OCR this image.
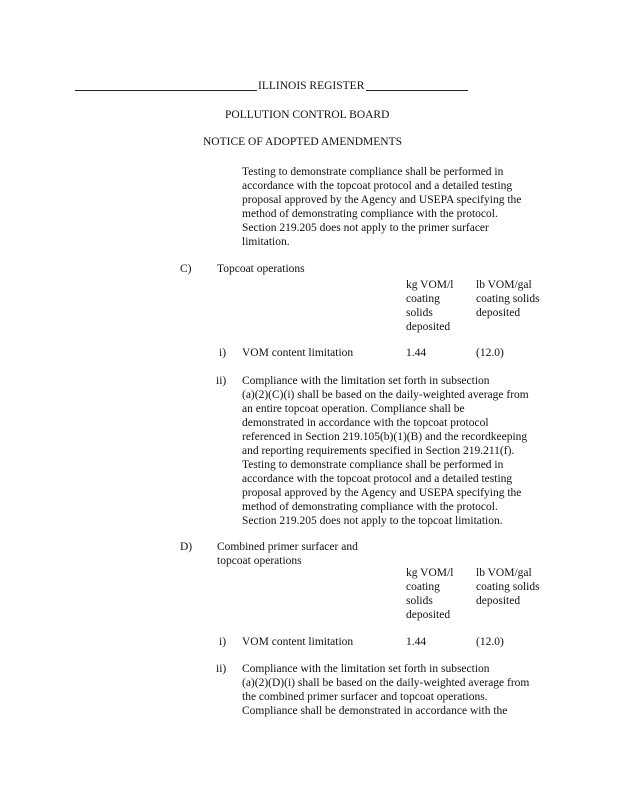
ILLINOIS REGISTER
POLLUTION CONTROL BOARD
NOTICE OF ADOPTED AMENDMENTS
Testing to demonstrate compliance shall be performed in
accordance with the topcoat protocol and a detailed testing
proposal approved by the Agency and USEPA specifying the
method of demonstrating compliance with the protocol.
Section 219.205 does not apply to the primer surfacer
limitation.
C) Topcoat operations
kg VOM/l
coating
solids
deposited
lb VOM/gal
coating solids
deposited
i) VOM content limitation	1.44	(12.0)
ii) Compliance with the limitation set forth in subsection
(a)(2)(C)(i) shall be based on the daily-weighted average from
an entire topcoat operation. Compliance shall be
demonstrated in accordance with the topcoat protocol
referenced in Section 219.105(b)(1)(B) and the recordkeeping
and reporting requirements specified in Section 219.211(f).
Testing to demonstrate compliance shall be performed in
accordance with the topcoat protocol and a detailed testing
proposal approved by the Agency and USEPA specifying the
method of demonstrating compliance with the protocol.
Section 219.205 does not apply to the topcoat limitation.
D) Combined primer surfacer and
topcoat operations
kg VOM/l
coating
solids
deposited
lb VOM/gal
coating solids
deposited
i) VOM content limitation	1.44	(12.0)
ii) Compliance with the limitation set forth in subsection
(a)(2)(D)(i) shall be based on the daily-weighted average from
the combined primer surfacer and topcoat operations.
Compliance shall be demonstrated in accordance with the
